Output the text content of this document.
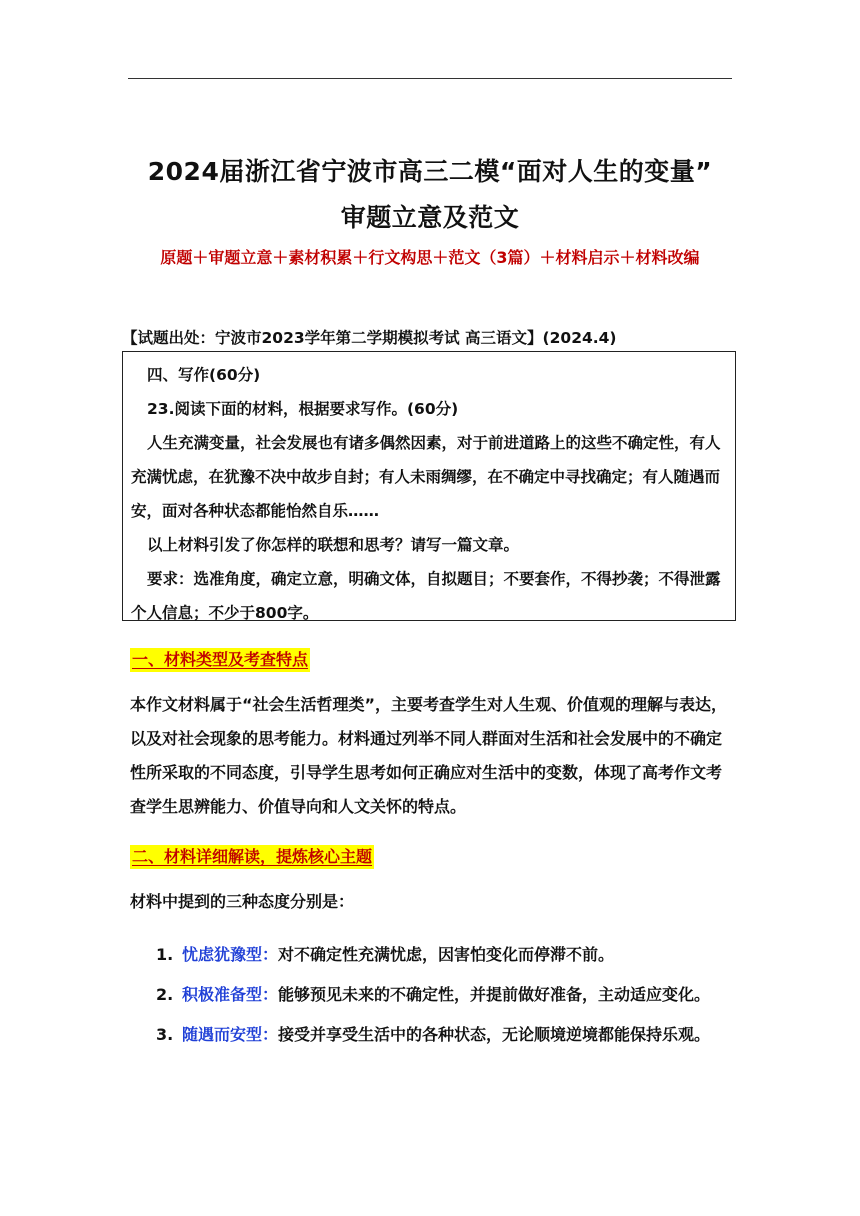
2024届浙江省宁波市高三二模“面对人生的变量”
审题立意及范文
原题＋审题立意＋素材积累＋行文构思＋范文（3篇）＋材料启示＋材料改编
【试题出处：宁波市2023学年第二学期模拟考试 高三语文】(2024.4)

四、写作(60分)

23.阅读下面的材料，根据要求写作。(60分)

人生充满变量，社会发展也有诸多偶然因素，对于前进道路上的这些不确定性，有人充满忧虑，在犹豫不决中故步自封；有人未雨绸缪，在不确定中寻找确定；有人随遇而安，面对各种状态都能怡然自乐……

以上材料引发了你怎样的联想和思考？请写一篇文章。

要求：选准角度，确定立意，明确文体，自拟题目；不要套作，不得抄袭；不得泄露个人信息；不少于800字。

一、材料类型及考查特点

本作文材料属于“社会生活哲理类”，主要考查学生对人生观、价值观的理解与表达，以及对社会现象的思考能力。材料通过列举不同人群面对生活和社会发展中的不确定性所采取的不同态度，引导学生思考如何正确应对生活中的变数，体现了高考作文考查学生思辨能力、价值导向和人文关怀的特点。

二、材料详细解读，提炼核心主题

材料中提到的三种态度分别是：

1. 忧虑犹豫型：对不确定性充满忧虑，因害怕变化而停滞不前。
2. 积极准备型：能够预见未来的不确定性，并提前做好准备，主动适应变化。
3. 随遇而安型：接受并享受生活中的各种状态，无论顺境逆境都能保持乐观。
